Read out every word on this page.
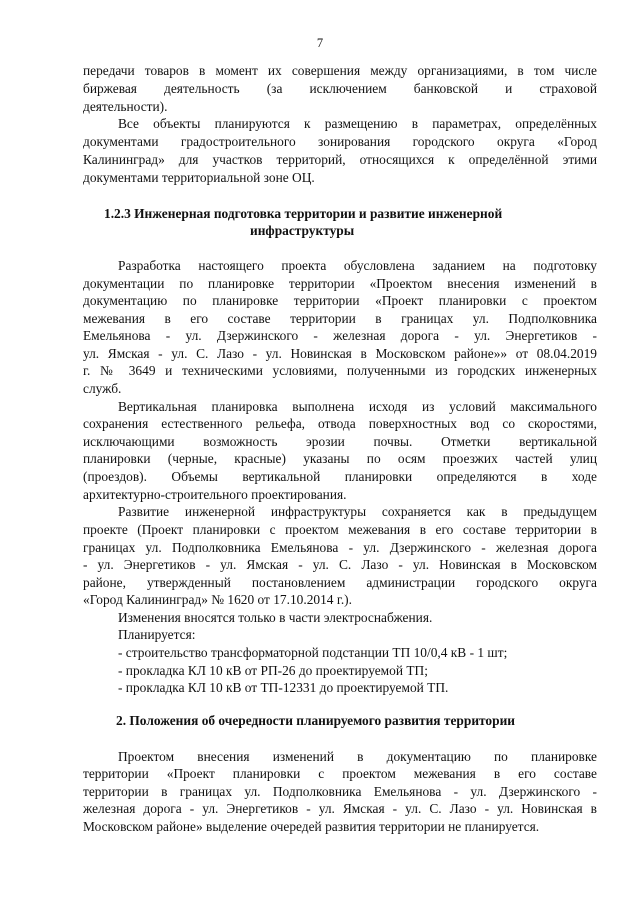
7
передачи товаров в момент их совершения между организациями, в том числе
биржевая деятельность (за исключением банковской и страховой
деятельности).
Все объекты планируются к размещению в параметрах, определённых
документами градостроительного зонирования городского округа «Город
Калининград» для участков территорий, относящихся к определённой этими
документами территориальной зоне ОЦ.
1.2.3 Инженерная подготовка территории и развитие инженерной
инфраструктуры
Разработка настоящего проекта обусловлена заданием на подготовку
документации по планировке территории «Проектом внесения изменений в
документацию по планировке территории «Проект планировки с проектом
межевания в его составе территории в границах ул. Подполковника
Емельянова - ул. Дзержинского - железная дорога - ул. Энергетиков -
ул. Ямская - ул. С. Лазо - ул. Новинская в Московском районе»» от 08.04.2019
г. № 3649 и техническими условиями, полученными из городских инженерных
служб.
Вертикальная планировка выполнена исходя из условий максимального
сохранения естественного рельефа, отвода поверхностных вод со скоростями,
исключающими возможность эрозии почвы. Отметки вертикальной
планировки (черные, красные) указаны по осям проезжих частей улиц
(проездов). Объемы вертикальной планировки определяются в ходе
архитектурно-строительного проектирования.
Развитие инженерной инфраструктуры сохраняется как в предыдущем
проекте (Проект планировки с проектом межевания в его составе территории в
границах ул. Подполковника Емельянова - ул. Дзержинского - железная дорога
- ул. Энергетиков - ул. Ямская - ул. С. Лазо - ул. Новинская в Московском
районе, утвержденный постановлением администрации городского округа
«Город Калининград» № 1620 от 17.10.2014 г.).
Изменения вносятся только в части электроснабжения.
Планируется:
- строительство трансформаторной подстанции ТП 10/0,4 кВ - 1 шт;
- прокладка КЛ 10 кВ от РП-26 до проектируемой ТП;
- прокладка КЛ 10 кВ от ТП-12331 до проектируемой ТП.
2. Положения об очередности планируемого развития территории
Проектом внесения изменений в документацию по планировке
территории «Проект планировки с проектом межевания в его составе
территории в границах ул. Подполковника Емельянова - ул. Дзержинского -
железная дорога - ул. Энергетиков - ул. Ямская - ул. С. Лазо - ул. Новинская в
Московском районе» выделение очередей развития территории не планируется.
